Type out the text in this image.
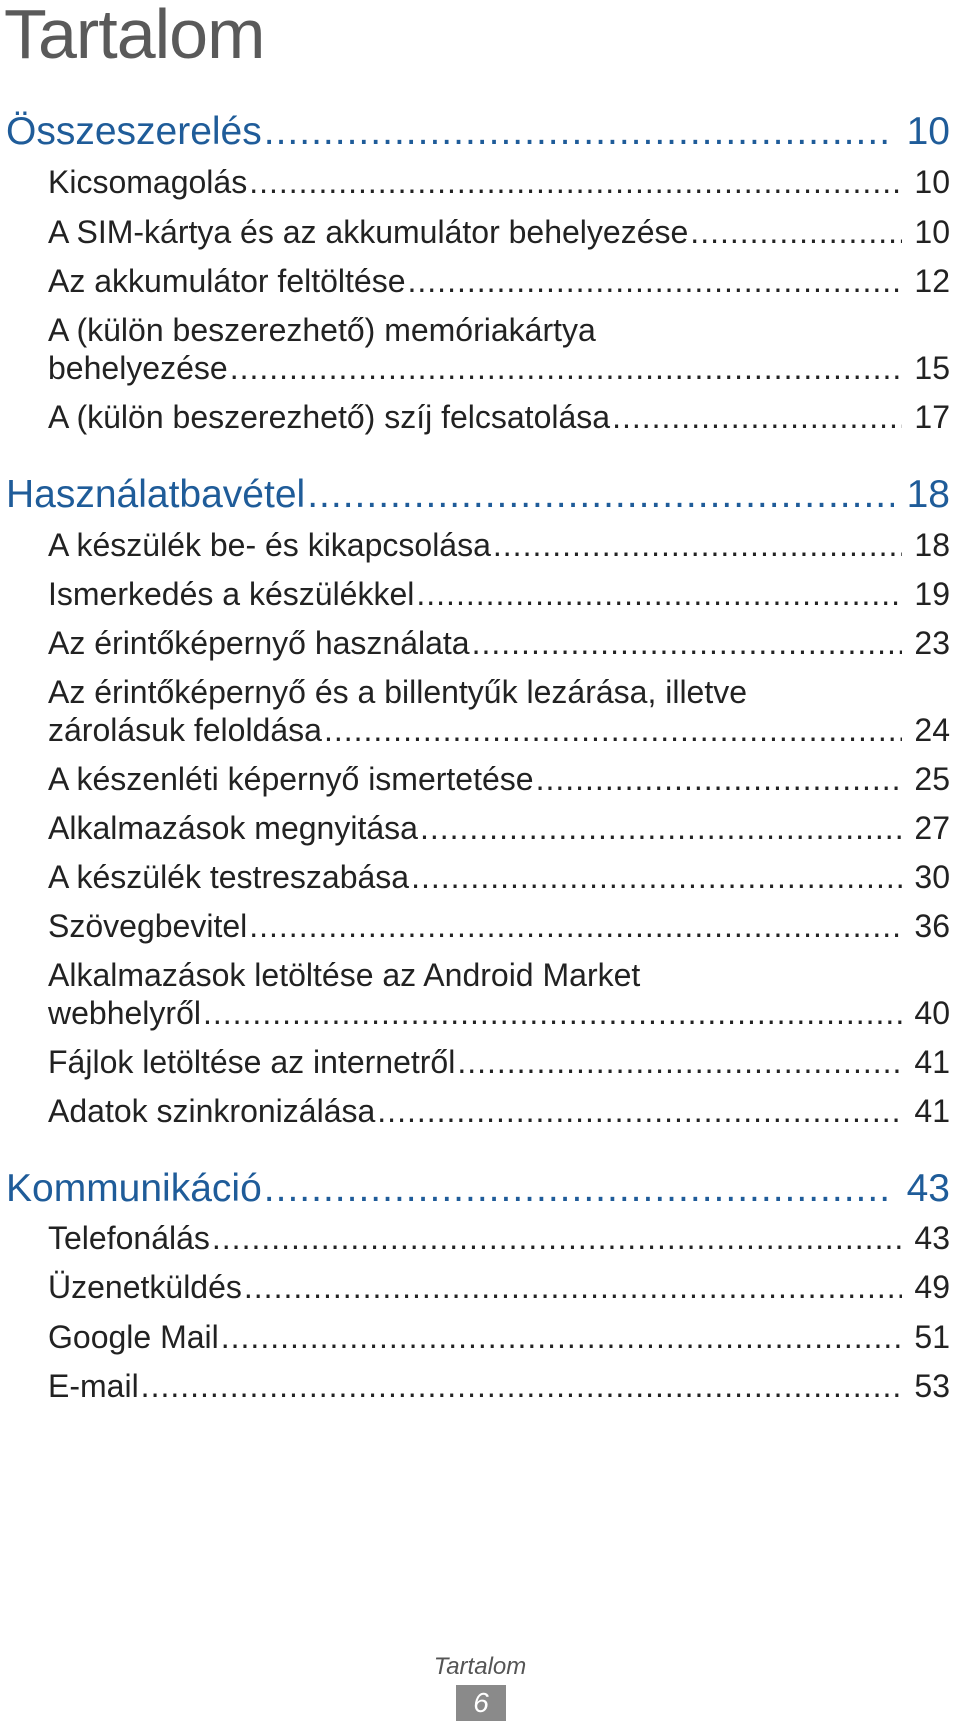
Tartalom
Összeszerelés .....	10
Kicsomagolás .....	10
A SIM-kártya és az akkumulátor behelyezése .....	10
Az akkumulátor feltöltése .....	12
A (külön beszerezhető) memóriakártya
behelyezése .....	15
A (külön beszerezhető) szíj felcsatolása .....	17
Használatbavétel .....	18
A készülék be- és kikapcsolása .....	18
Ismerkedés a készülékkel .....	19
Az érintőképernyő használata .....	23
Az érintőképernyő és a billentyűk lezárása, illetve
zárolásuk feloldása .....	24
A készenléti képernyő ismertetése .....	25
Alkalmazások megnyitása .....	27
A készülék testreszabása .....	30
Szövegbevitel .....	36
Alkalmazások letöltése az Android Market
webhelyről .....	40
Fájlok letöltése az internetről .....	41
Adatok szinkronizálása .....	41
Kommunikáció .....	43
Telefonálás .....	43
Üzenetküldés .....	49
Google Mail .....	51
E-mail .....	53
Tartalom
6
